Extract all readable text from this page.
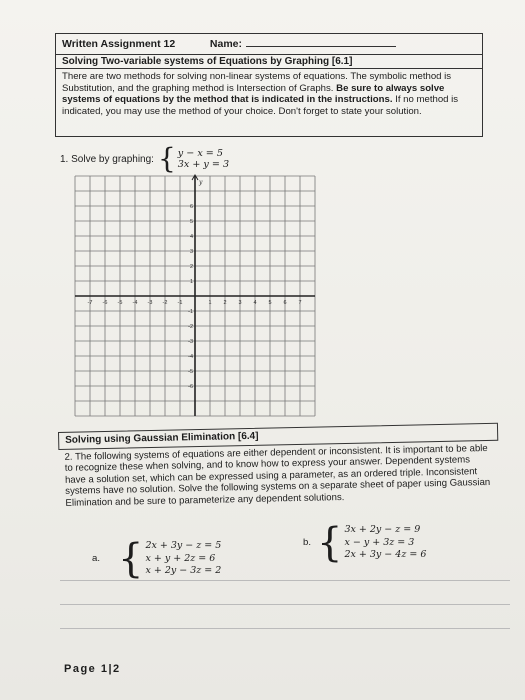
Written Assignment 12	Name:
Solving Two-variable systems of Equations by Graphing [6.1]
There are two methods for solving non-linear systems of equations. The symbolic method is Substitution, and the graphing method is Intersection of Graphs. Be sure to always solve systems of equations by the method that is indicated in the instructions. If no method is indicated, you may use the method of your choice. Don't forget to state your solution.
1. Solve by graphing: { y − x = 5
3x + y = 3
y
-7 -6 -5 -4 -3 -2 -1	1 2 3 4 5 6 7
6
5
4
3
2
1
-1
-2
-3
-4
-5
-6
Solving using Gaussian Elimination [6.4]
2. The following systems of equations are either dependent or inconsistent. It is important to be able to recognize these when solving, and to know how to express your answer. Dependent systems have a solution set, which can be expressed using a parameter, as an ordered triple. Inconsistent systems have no solution. Solve the following systems on a separate sheet of paper using Gaussian Elimination and be sure to parameterize any dependent solutions.
a. { 2x + 3y − z = 5
x + y + 2z = 6
x + 2y − 3z = 2
b. { 3x + 2y − z = 9
x − y + 3z = 3
2x + 3y − 4z = 6
Page 1|2
